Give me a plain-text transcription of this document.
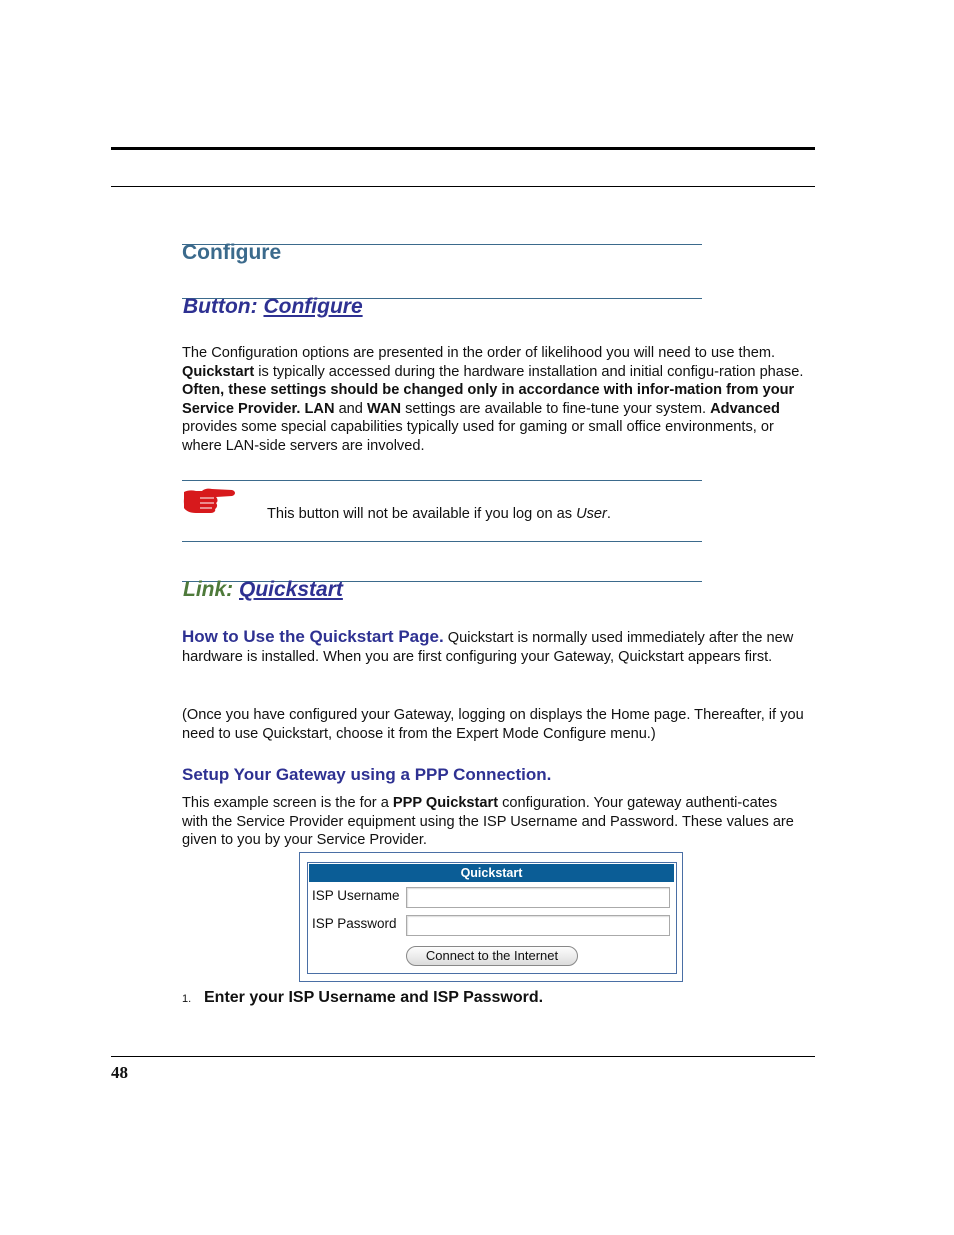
Configure
Button: Configure
The Configuration options are presented in the order of likelihood you will need to use them. Quickstart is typically accessed during the hardware installation and initial configu-ration phase. Often, these settings should be changed only in accordance with infor-mation from your Service Provider. LAN and WAN settings are available to fine-tune your system. Advanced provides some special capabilities typically used for gaming or small office environments, or where LAN-side servers are involved.
This button will not be available if you log on as User.
Link: Quickstart
How to Use the Quickstart Page. Quickstart is normally used immediately after the new hardware is installed. When you are first configuring your Gateway, Quickstart appears first.
(Once you have configured your Gateway, logging on displays the Home page. Thereafter, if you need to use Quickstart, choose it from the Expert Mode Configure menu.)
Setup Your Gateway using a PPP Connection.
This example screen is the for a PPP Quickstart configuration. Your gateway authenti-cates with the Service Provider equipment using the ISP Username and Password. These values are given to you by your Service Provider.
Quickstart
ISP Username
ISP Password
Connect to the Internet
1. Enter your ISP Username and ISP Password.
48
